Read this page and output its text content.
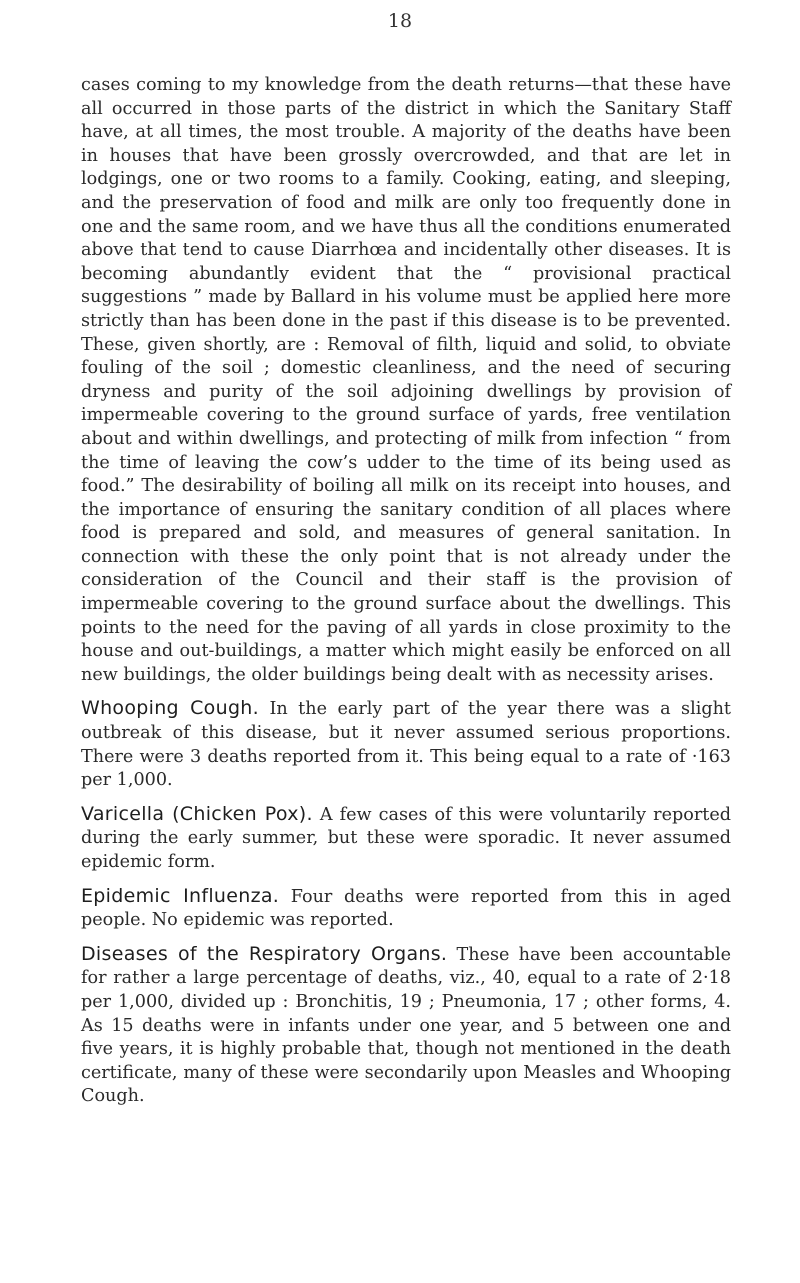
18

cases coming to my knowledge from the death returns—that these have all occurred in those parts of the district in which the Sanitary Staff have, at all times, the most trouble. A majority of the deaths have been in houses that have been grossly overcrowded, and that are let in lodgings, one or two rooms to a family. Cooking, eating, and sleeping, and the preservation of food and milk are only too frequently done in one and the same room, and we have thus all the conditions enumerated above that tend to cause Diarrhœa and incidentally other diseases. It is becoming abundantly evident that the “ provisional practical suggestions ” made by Ballard in his volume must be applied here more strictly than has been done in the past if this disease is to be prevented. These, given shortly, are : Removal of filth, liquid and solid, to obviate fouling of the soil ; domestic cleanliness, and the need of securing dryness and purity of the soil adjoining dwellings by provision of impermeable covering to the ground surface of yards, free ventilation about and within dwellings, and protecting of milk from infection “ from the time of leaving the cow’s udder to the time of its being used as food.” The desirability of boiling all milk on its receipt into houses, and the importance of ensuring the sanitary condition of all places where food is prepared and sold, and measures of general sanitation. In connection with these the only point that is not already under the consideration of the Council and their staff is the provision of impermeable covering to the ground surface about the dwellings. This points to the need for the paving of all yards in close proximity to the house and out-buildings, a matter which might easily be enforced on all new buildings, the older buildings being dealt with as necessity arises.

Whooping Cough. In the early part of the year there was a slight outbreak of this disease, but it never assumed serious proportions. There were 3 deaths reported from it. This being equal to a rate of ·163 per 1,000.

Varicella (Chicken Pox). A few cases of this were voluntarily reported during the early summer, but these were sporadic. It never assumed epidemic form.

Epidemic Influenza. Four deaths were reported from this in aged people. No epidemic was reported.

Diseases of the Respiratory Organs. These have been accountable for rather a large percentage of deaths, viz., 40, equal to a rate of 2·18 per 1,000, divided up : Bronchitis, 19 ; Pneumonia, 17 ; other forms, 4. As 15 deaths were in infants under one year, and 5 between one and five years, it is highly probable that, though not mentioned in the death certificate, many of these were secondarily upon Measles and Whooping Cough.
